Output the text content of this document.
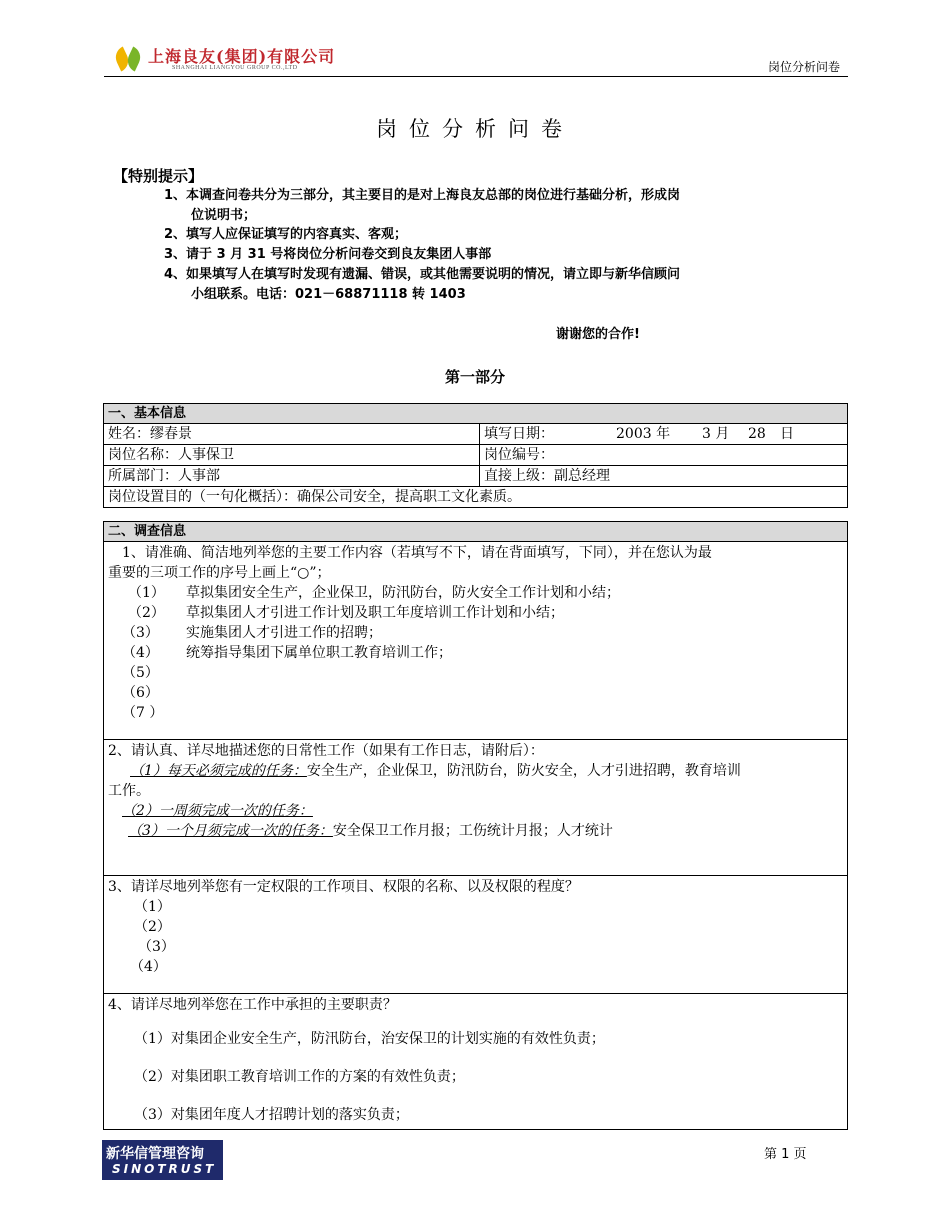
上海良友(集团)有限公司
SHANGHAI LIANGYOU GROUP CO.,LTD	岗位分析问卷
岗位分析问卷
【特别提示】
1、本调查问卷共分为三部分，其主要目的是对上海良友总部的岗位进行基础分析，形成岗
位说明书；
2、填写人应保证填写的内容真实、客观；
3、请于 3 月 31 号将岗位分析问卷交到良友集团人事部
4、如果填写人在填写时发现有遗漏、错误，或其他需要说明的情况，请立即与新华信顾问
小组联系。电话：021－68871118 转 1403
谢谢您的合作!
第一部分
一、基本信息
姓名：缪春景	填写日期：	2003 年 3 月 28 日
岗位名称：人事保卫	岗位编号：
所属部门：人事部	直接上级：副总经理
岗位设置目的（一句化概括）：确保公司安全，提高职工文化素质。
二、调查信息
1、请准确、简洁地列举您的主要工作内容（若填写不下，请在背面填写，下同），并在您认为最
重要的三项工作的序号上画上“○”；
（1）	草拟集团安全生产，企业保卫，防汛防台，防火安全工作计划和小结；
（2）	草拟集团人才引进工作计划及职工年度培训工作计划和小结；
（3）	实施集团人才引进工作的招聘；
（4）	统筹指导集团下属单位职工教育培训工作；
（5）
（6）
（7 ）
2、请认真、详尽地描述您的日常性工作（如果有工作日志，请附后）：
（1）每天必须完成的任务：安全生产，企业保卫，防汛防台，防火安全，人才引进招聘，教育培训
工作。
（2）一周须完成一次的任务：
（3）一个月须完成一次的任务：安全保卫工作月报；工伤统计月报；人才统计
3、请详尽地列举您有一定权限的工作项目、权限的名称、以及权限的程度？
（1）
（2）
（3）
（4）
4、请详尽地列举您在工作中承担的主要职责？
（1）对集团企业安全生产，防汛防台，治安保卫的计划实施的有效性负责；
（2）对集团职工教育培训工作的方案的有效性负责；
（3）对集团年度人才招聘计划的落实负责；
新华信管理咨询
SINOTRUST
第 1 页
